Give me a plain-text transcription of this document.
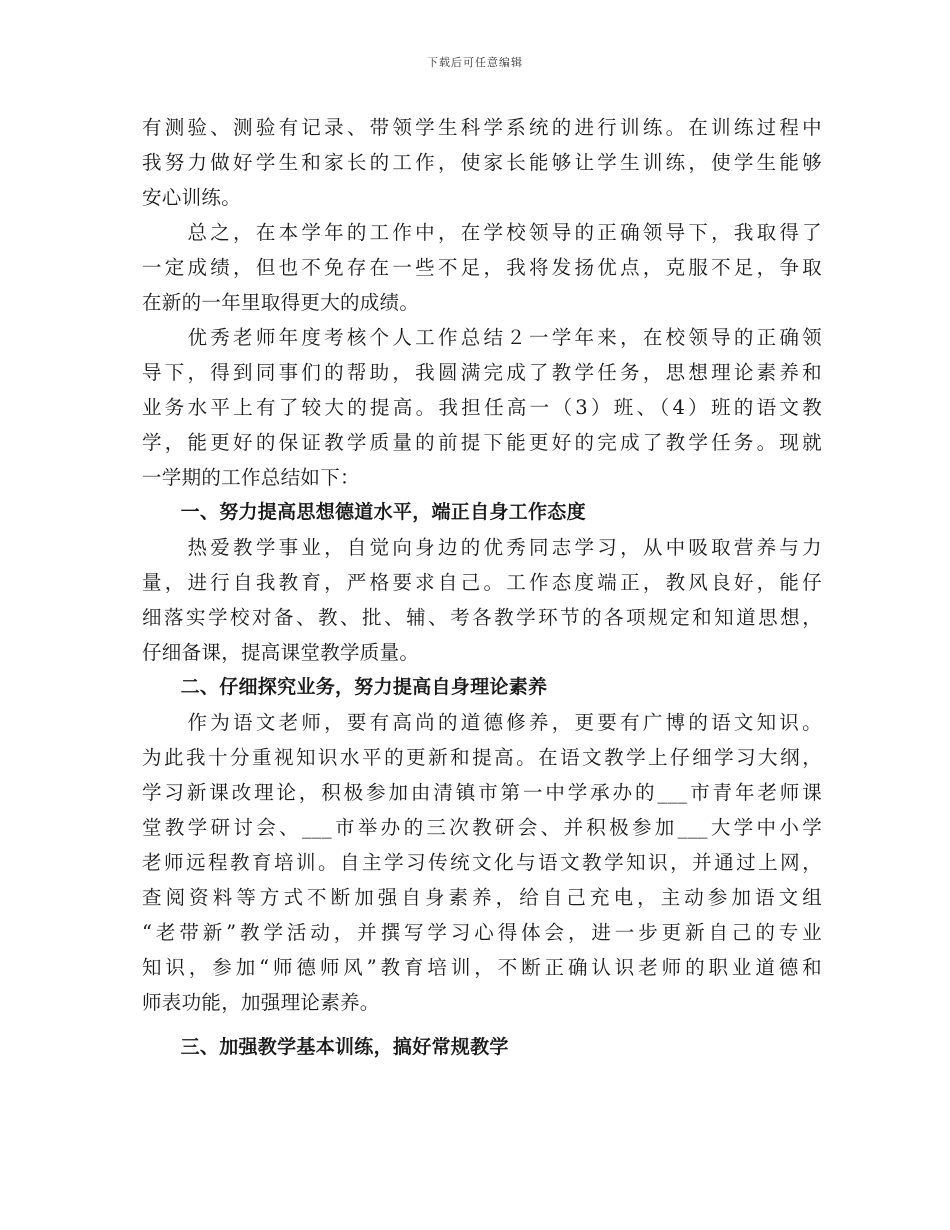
下载后可任意编辑
有测验、测验有记录、带领学生科学系统的进行训练。在训练过程中
我努力做好学生和家长的工作，使家长能够让学生训练，使学生能够
安心训练。
　　总之，在本学年的工作中，在学校领导的正确领导下，我取得了
一定成绩，但也不免存在一些不足，我将发扬优点，克服不足，争取
在新的一年里取得更大的成绩。
　　优秀老师年度考核个人工作总结２一学年来，在校领导的正确领
导下，得到同事们的帮助，我圆满完成了教学任务，思想理论素养和
业务水平上有了较大的提高。我担任高一（3）班、（4）班的语文教
学，能更好的保证教学质量的前提下能更好的完成了教学任务。现就
一学期的工作总结如下：
　　一、努力提高思想德道水平，端正自身工作态度
　　热爱教学事业，自觉向身边的优秀同志学习，从中吸取营养与力
量，进行自我教育，严格要求自己。工作态度端正，教风良好，能仔
细落实学校对备、教、批、辅、考各教学环节的各项规定和知道思想，
仔细备课，提高课堂教学质量。
　　二、仔细探究业务，努力提高自身理论素养
　　作为语文老师，要有高尚的道德修养，更要有广博的语文知识。
为此我十分重视知识水平的更新和提高。在语文教学上仔细学习大纲，
学习新课改理论，积极参加由清镇市第一中学承办的___市青年老师课
堂教学研讨会、___市举办的三次教研会、并积极参加___大学中小学
老师远程教育培训。自主学习传统文化与语文教学知识，并通过上网，
查阅资料等方式不断加强自身素养，给自己充电，主动参加语文组
“老带新”教学活动，并撰写学习心得体会，进一步更新自己的专业
知识，参加“师德师风”教育培训，不断正确认识老师的职业道德和
师表功能，加强理论素养。
　　三、加强教学基本训练，搞好常规教学
